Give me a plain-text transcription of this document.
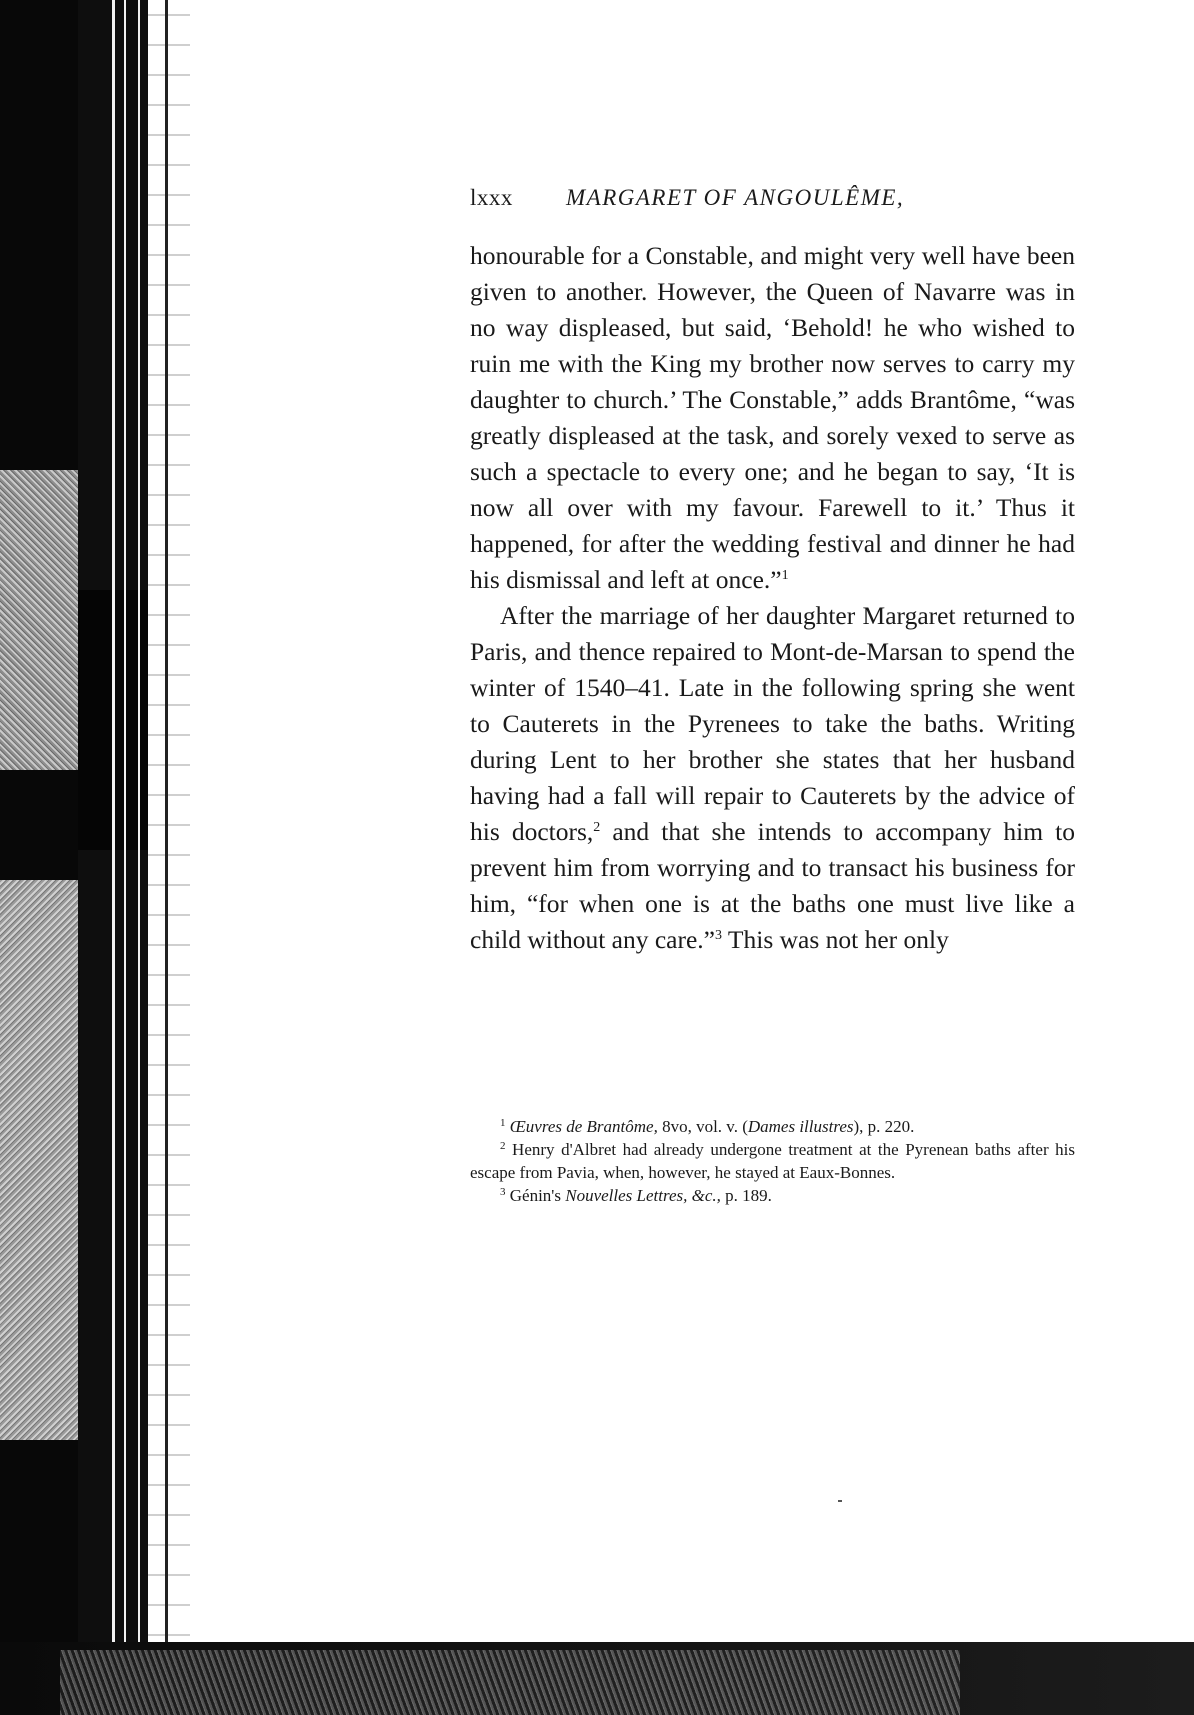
lxxx MARGARET OF ANGOULÊME,

honourable for a Constable, and might very well have been given to another. However, the Queen of Navarre was in no way displeased, but said, ‘Behold! he who wished to ruin me with the King my brother now serves to carry my daughter to church.’ The Constable,” adds Brantôme, “was greatly displeased at the task, and sorely vexed to serve as such a spectacle to every one; and he began to say, ‘It is now all over with my favour. Farewell to it.’ Thus it happened, for after the wedding festival and dinner he had his dismissal and left at once.”$^1$

After the marriage of her daughter Margaret returned to Paris, and thence repaired to Mont-de-Marsan to spend the winter of 1540–41. Late in the following spring she went to Cauterets in the Pyrenees to take the baths. Writing during Lent to her brother she states that her husband having had a fall will repair to Cauterets by the advice of his doctors,$^2$ and that she intends to accompany him to prevent him from worrying and to transact his business for him, “for when one is at the baths one must live like a child without any care.”$^3$ This was not her only

$^1$ Œuvres de Brantôme, 8vo, vol. v. (Dames illustres), p. 220.

$^2$ Henry d'Albret had already undergone treatment at the Pyrenean baths after his escape from Pavia, when, however, he stayed at Eaux-Bonnes.

$^3$ Génin's Nouvelles Lettres, &c., p. 189.
